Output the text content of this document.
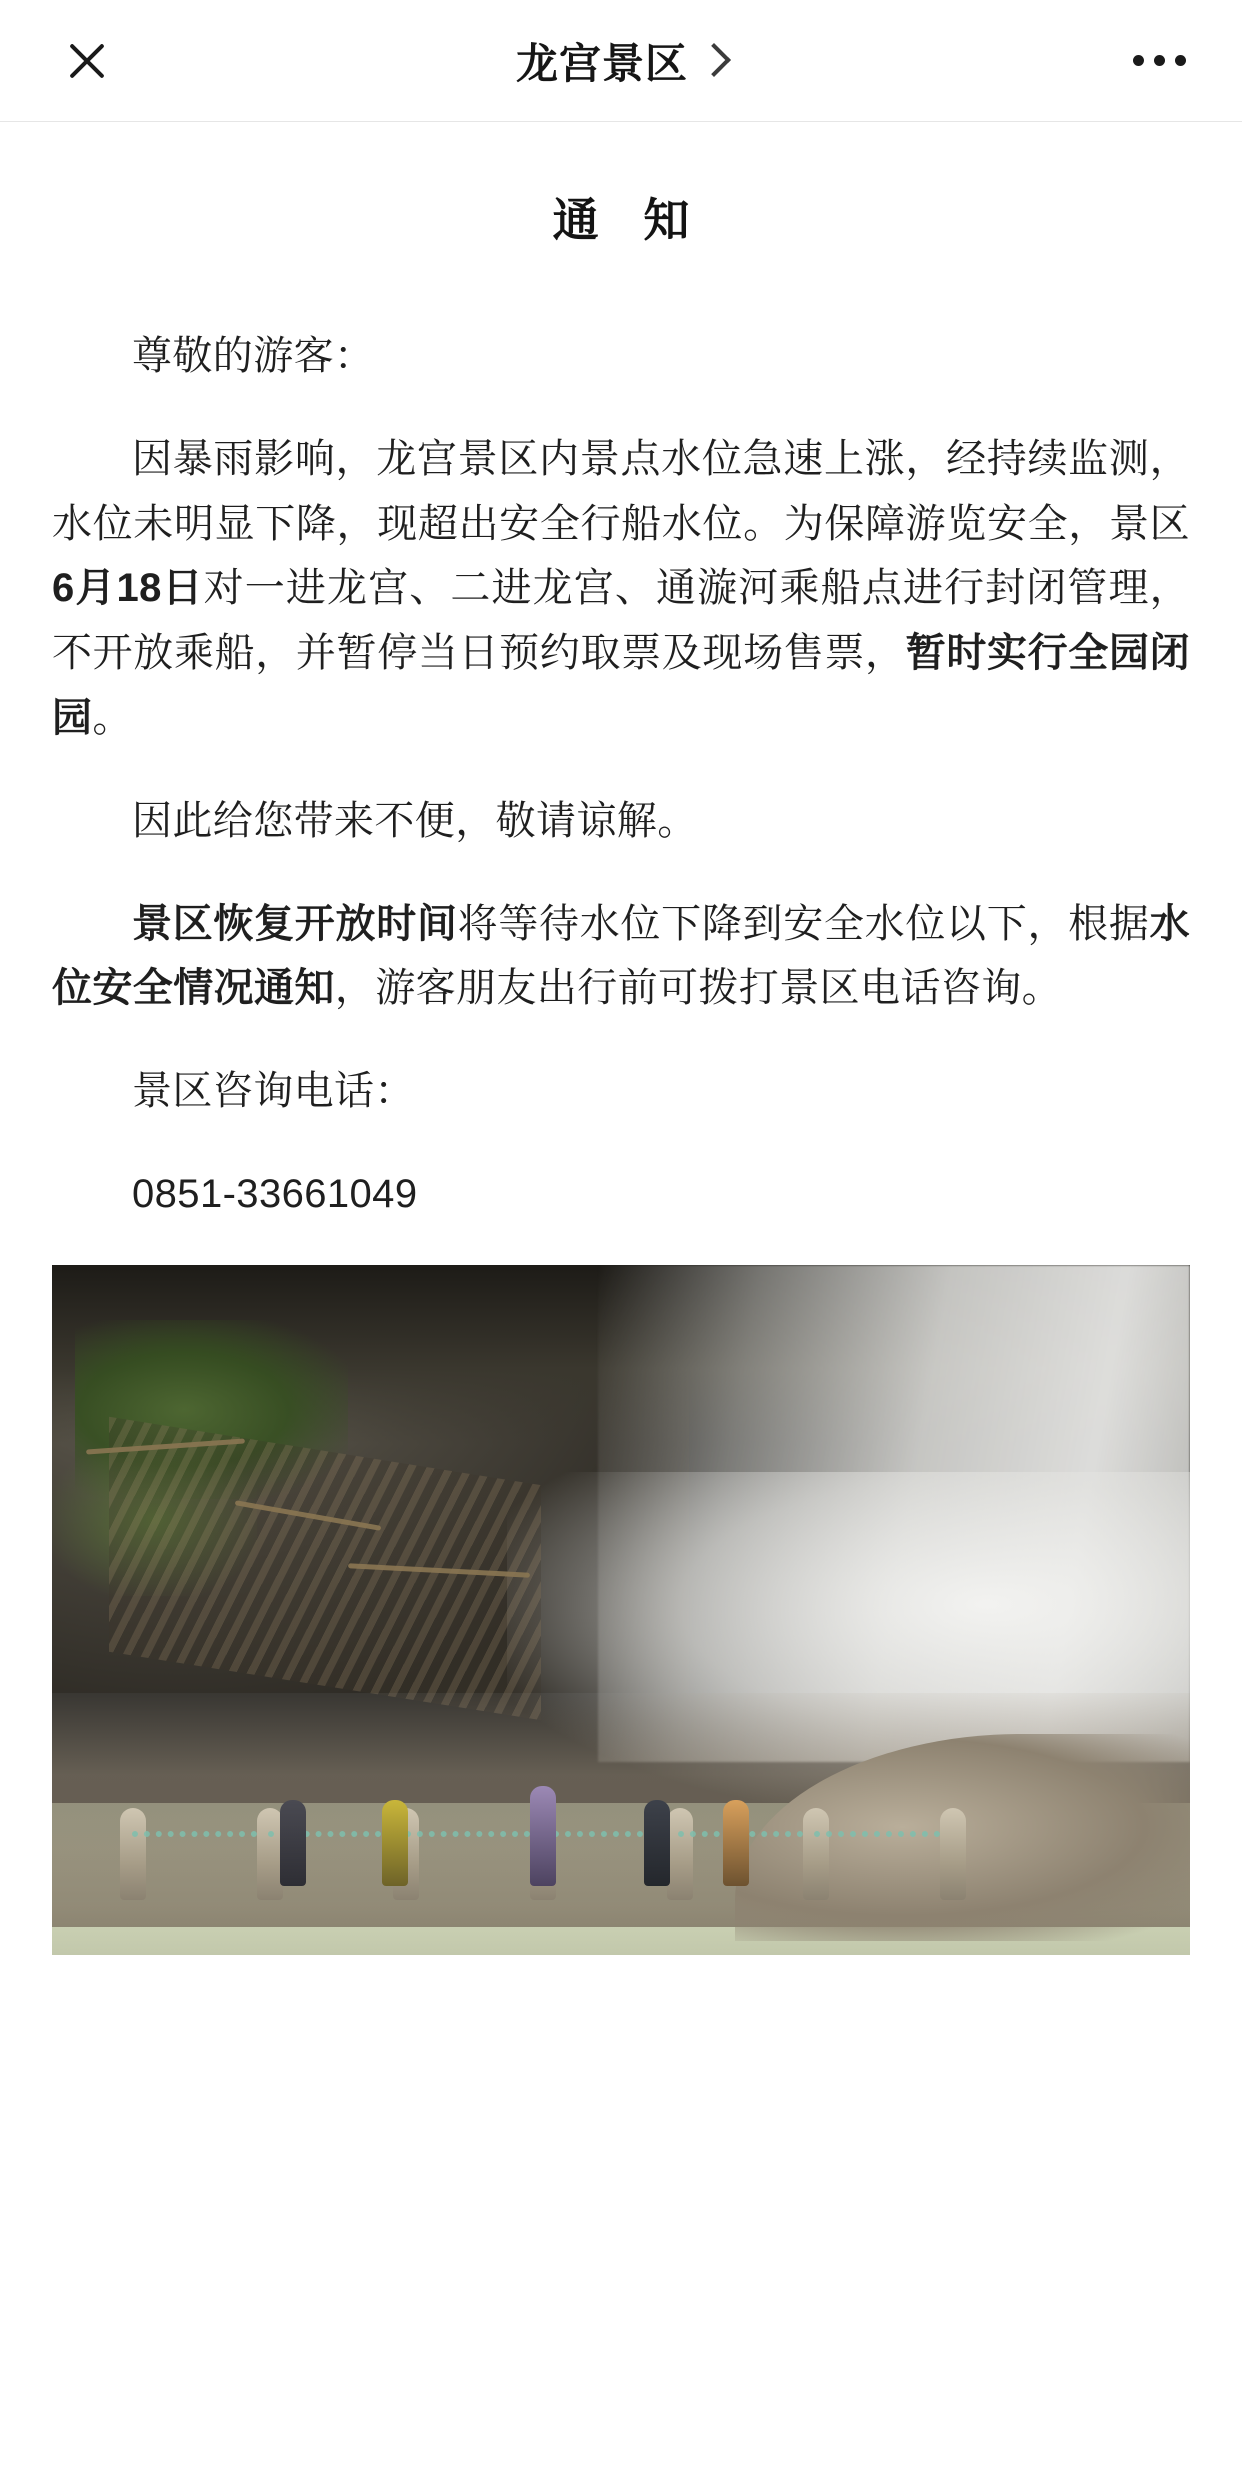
龙宫景区
通 知

尊敬的游客：

因暴雨影响，龙宫景区内景点水位急速上涨，经持续监测，水位未明显下降，现超出安全行船水位。为保障游览安全，景区6月18日对一进龙宫、二进龙宫、通漩河乘船点进行封闭管理，不开放乘船，并暂停当日预约取票及现场售票，暂时实行全园闭园。

因此给您带来不便，敬请谅解。

景区恢复开放时间将等待水位下降到安全水位以下，根据水位安全情况通知，游客朋友出行前可拨打景区电话咨询。

景区咨询电话：

0851-33661049
